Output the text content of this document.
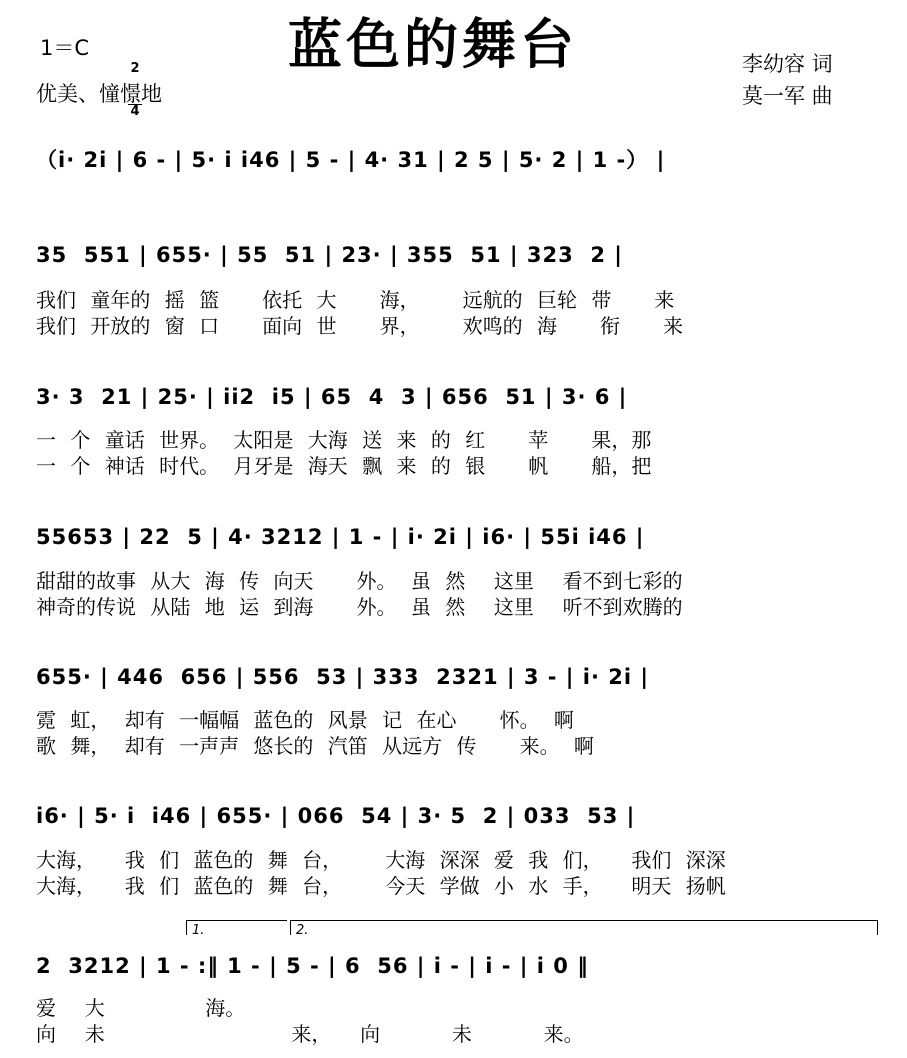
蓝色的舞台
1＝C

2

4

优美、憧憬地
李幼容 词
莫一军 曲
（i· 2i | 6 - | 5· i i46 | 5 - | 4· 31 | 2 5 | 5· 2 | 1 -） |
35  551 | 655· | 55  51 | 23· | 355  51 | 323  2 |
我们 童年的 摇 篮   依托 大   海，   远航的 巨轮 带   来
我们 开放的 窗 口   面向 世   界，   欢鸣的 海   衔   来
3· 3  21 | 25· | ii2  i5 | 65  4  3 | 656  51 | 3· 6 |
一 个 童话 世界。 太阳是 大海 送 来 的 红   苹   果，那
一 个 神话 时代。 月牙是 海天 飘 来 的 银   帆   船，把
55653 | 22  5 | 4· 3212 | 1 - | i· 2i | i6· | 55i i46 |
甜甜的故事 从大 海 传 向天   外。 虽 然  这里  看不到七彩的
神奇的传说 从陆 地 运 到海   外。 虽 然  这里  听不到欢腾的
655· | 446  656 | 556  53 | 333  2321 | 3 - | i· 2i |
霓 虹， 却有 一幅幅 蓝色的 风景 记 在心   怀。 啊
歌 舞， 却有 一声声 悠长的 汽笛 从远方 传   来。 啊
i6· | 5· i  i46 | 655· | 066  54 | 3· 5  2 | 033  53 |
大海，  我 们 蓝色的 舞 台，   大海 深深 爱 我 们，  我们 深深
大海，  我 们 蓝色的 舞 台，   今天 学做 小 水 手，  明天 扬帆
1.	2.
2  3212 | 1 - :‖ 1 - | 5 - | 6  56 | i - | i - | i 0 ‖
爱  大       海。
向  未             来，  向     未     来。
